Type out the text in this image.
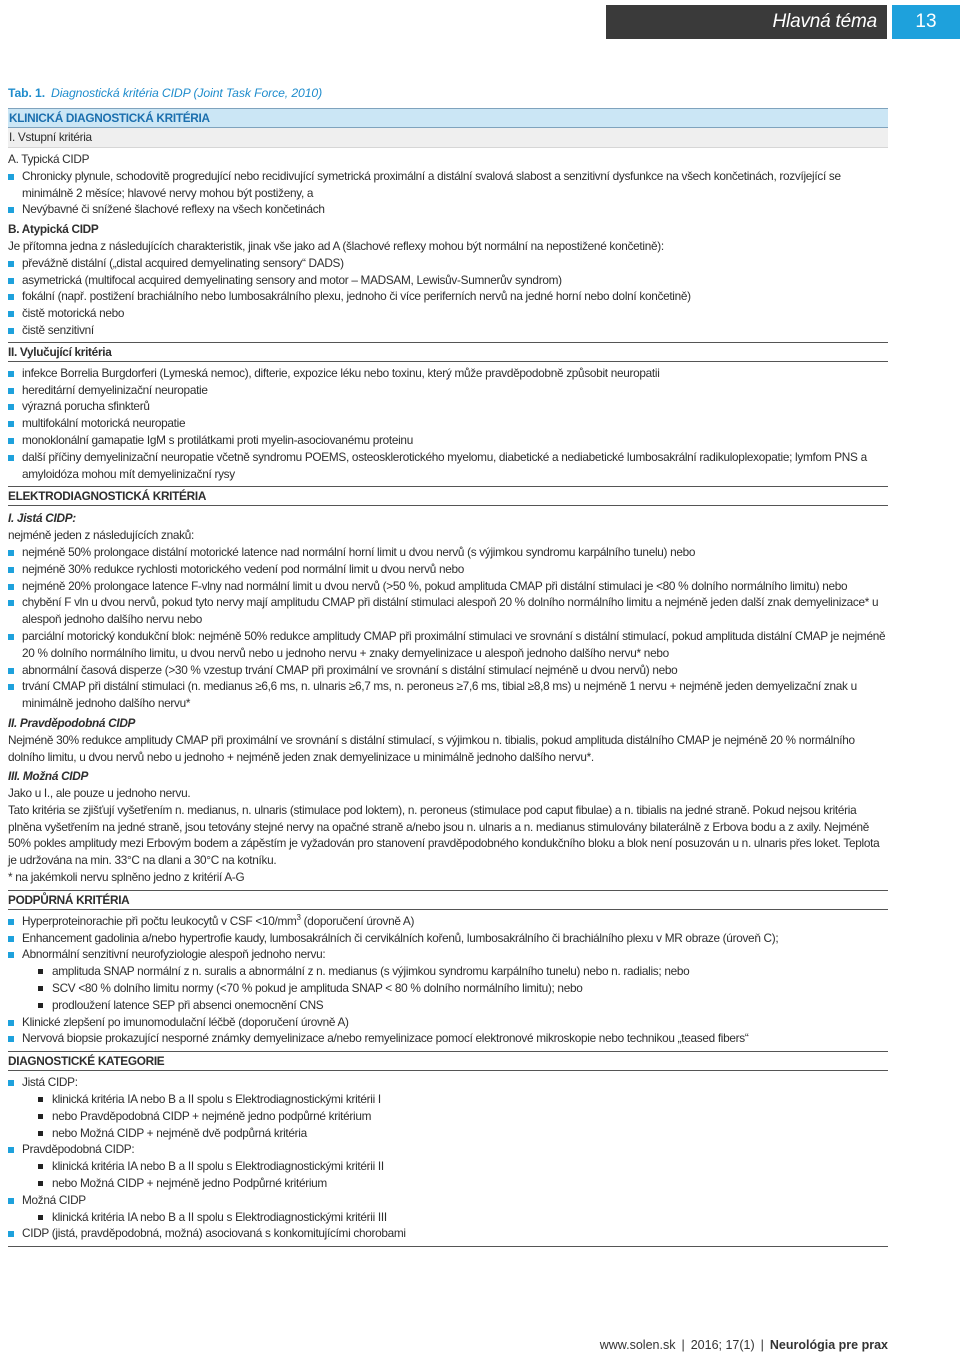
Hlavná téma	13
Tab. 1. Diagnostická kritéria CIDP (Joint Task Force, 2010)
KLINICKÁ DIAGNOSTICKÁ KRITÉRIA
I. Vstupní kritéria
A. Typická CIDP
Chronicky plynule, schodovitě progredující nebo recidivující symetrická proximální a distální svalová slabost a senzitivní dysfunkce na všech končetinách, rozvíjející se minimálně 2 měsíce; hlavové nervy mohou být postiženy, a
Nevýbavné či snížené šlachové reflexy na všech končetinách
B. Atypická CIDP
Je přítomna jedna z následujících charakteristik, jinak vše jako ad A (šlachové reflexy mohou být normální na nepostižené končetině):
převážně distální („distal acquired demyelinating sensory“ DADS)
asymetrická (multifocal acquired demyelinating sensory and motor – MADSAM, Lewisův-Sumnerův syndrom)
fokální (např. postižení brachiálního nebo lumbosakrálního plexu, jednoho či více periferních nervů na jedné horní nebo dolní končetině)
čistě motorická nebo
čistě senzitivní
II. Vylučující kritéria
infekce Borrelia Burgdorferi (Lymeská nemoc), difterie, expozice léku nebo toxinu, který může pravděpodobně způsobit neuropatii
hereditární demyelinizační neuropatie
výrazná porucha sfinkterů
multifokální motorická neuropatie
monoklonální gamapatie IgM s protilátkami proti myelin-asociovanému proteinu
další příčiny demyelinizační neuropatie včetně syndromu POEMS, osteosklerotického myelomu, diabetické a nediabetické lumbosakrální radikuloplexopatie; lymfom PNS a amyloidóza mohou mít demyelinizační rysy
ELEKTRODIAGNOSTICKÁ KRITÉRIA
I. Jistá CIDP:
nejméně jeden z následujících znaků:
nejméně 50% prolongace distální motorické latence nad normální horní limit u dvou nervů (s výjimkou syndromu karpálního tunelu) nebo
nejméně 30% redukce rychlosti motorického vedení pod normální limit u dvou nervů nebo
nejméně 20% prolongace latence F-vlny nad normální limit u dvou nervů (>50 %, pokud amplituda CMAP při distální stimulaci je <80 % dolního normálního limitu) nebo
chybění F vln u dvou nervů, pokud tyto nervy mají amplitudu CMAP při distální stimulaci alespoň 20 % dolního normálního limitu a nejméně jeden další znak demyelinizace* u alespoň jednoho dalšího nervu nebo
parciální motorický kondukční blok: nejméně 50% redukce amplitudy CMAP při proximální stimulaci ve srovnání s distální stimulací, pokud amplituda distální CMAP je nejméně 20 % dolního normálního limitu, u dvou nervů nebo u jednoho nervu + znaky demyelinizace u alespoň jednoho dalšího nervu* nebo
abnormální časová disperze (>30 % vzestup trvání CMAP při proximální ve srovnání s distální stimulací nejméně u dvou nervů) nebo
trvání CMAP při distální stimulaci (n. medianus ≥6,6 ms, n. ulnaris ≥6,7 ms, n. peroneus ≥7,6 ms, tibial ≥8,8 ms) u nejméně 1 nervu + nejméně jeden demyelizační znak u minimálně jednoho dalšího nervu*
II. Pravděpodobná CIDP
Nejméně 30% redukce amplitudy CMAP při proximální ve srovnání s distální stimulací, s výjimkou n. tibialis, pokud amplituda distálního CMAP je nejméně 20 % normálního dolního limitu, u dvou nervů nebo u jednoho + nejméně jeden znak demyelinizace u minimálně jednoho dalšího nervu*.
III. Možná CIDP
Jako u I., ale pouze u jednoho nervu.
Tato kritéria se zjišťují vyšetřením n. medianus, n. ulnaris (stimulace pod loktem), n. peroneus (stimulace pod caput fibulae) a n. tibialis na jedné straně. Pokud nejsou kritéria plněna vyšetřením na jedné straně, jsou tetovány stejné nervy na opačné straně a/nebo jsou n. ulnaris a n. medianus stimulovány bilaterálně z Erbova bodu a z axily. Nejméně 50% pokles amplitudy mezi Erbovým bodem a zápěstím je vyžadován pro stanovení pravděpodobného kondukčního bloku a blok není posuzován u n. ulnaris přes loket. Teplota je udržována na min. 33°C na dlani a 30°C na kotníku.
* na jakémkoli nervu splněno jedno z kritérií A-G
PODPŮRNÁ KRITÉRIA
Hyperproteinorachie při počtu leukocytů v CSF $<10/mm^3$ (doporučení úrovně A)
Enhancement gadolinia a/nebo hypertrofie kaudy, lumbosakrálních či cervikálních kořenů, lumbosakrálního či brachiálního plexu v MR obraze (úroveň C);
Abnormální senzitivní neurofyziologie alespoň jednoho nervu:
amplituda SNAP normální z n. suralis a abnormální z n. medianus (s výjimkou syndromu karpálního tunelu) nebo n. radialis; nebo
SCV <80 % dolního limitu normy (<70 % pokud je amplituda SNAP < 80 % dolního normálního limitu); nebo
prodloužení latence SEP při absenci onemocnění CNS
Klinické zlepšení po imunomodulační léčbě (doporučení úrovně A)
Nervová biopsie prokazující nesporné známky demyelinizace a/nebo remyelinizace pomocí elektronové mikroskopie nebo technikou „teased fibers“
DIAGNOSTICKÉ KATEGORIE
Jistá CIDP:
klinická kritéria IA nebo B a II spolu s Elektrodiagnostickými kritérii I
nebo Pravděpodobná CIDP + nejméně jedno podpůrné kritérium
nebo Možná CIDP + nejméně dvě podpůrná kritéria
Pravděpodobná CIDP:
klinická kritéria IA nebo B a II spolu s Elektrodiagnostickými kritérii II
nebo Možná CIDP + nejméně jedno Podpůrné kritérium
Možná CIDP
klinická kritéria IA nebo B a II spolu s Elektrodiagnostickými kritérii III
CIDP (jistá, pravděpodobná, možná) asociovaná s konkomitujícími chorobami
www.solen.sk | 2016; 17(1) | Neurológia pre prax
